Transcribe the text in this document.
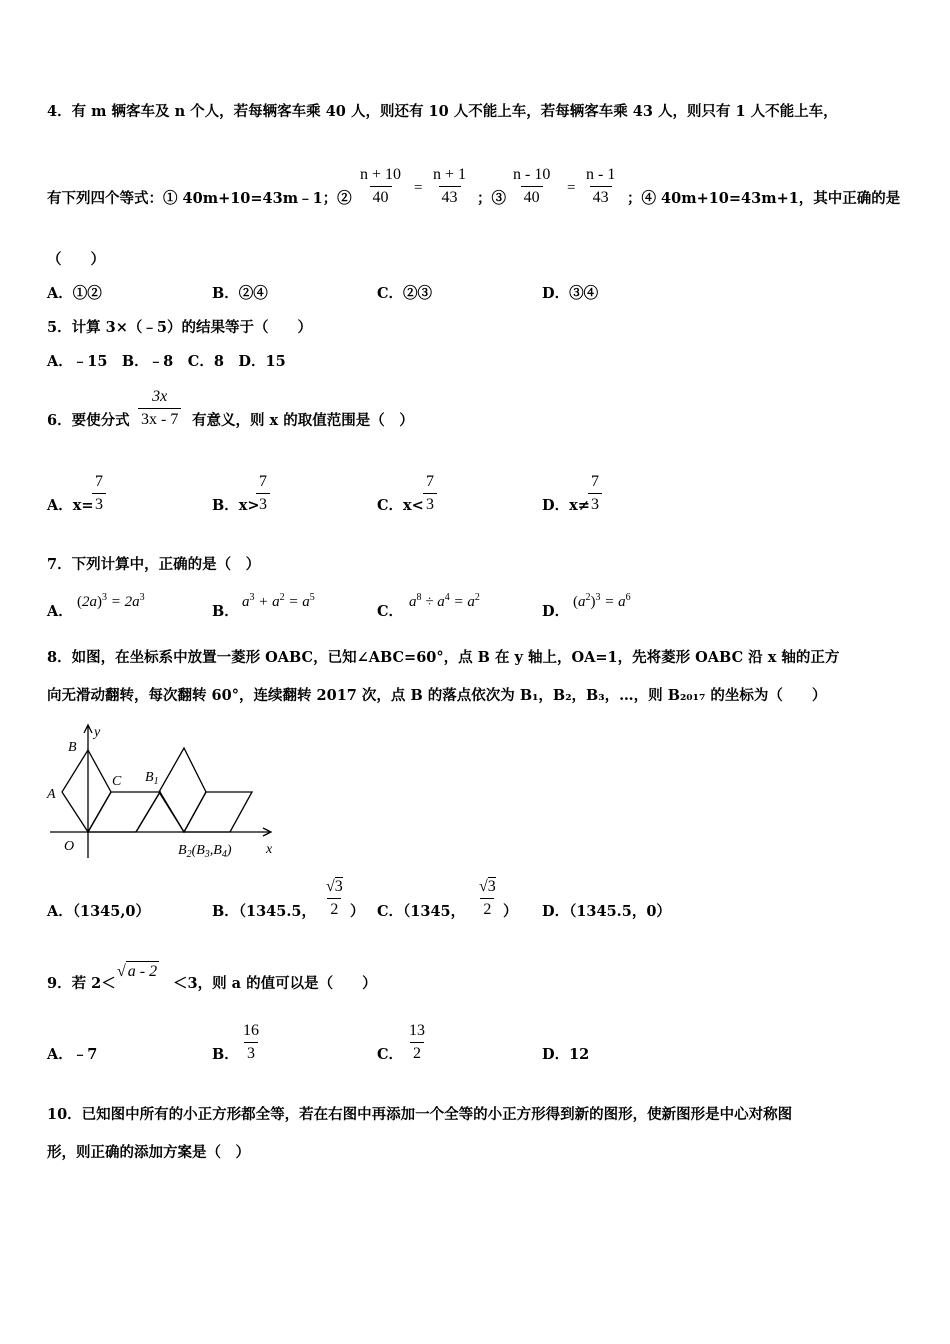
4．有 m 辆客车及 n 个人，若每辆客车乘 40 人，则还有 10 人不能上车，若每辆客车乘 43 人，则只有 1 人不能上车，
有下列四个等式：① 40m+10=43m﹣1；② $\frac{n + 10}{40} = \frac{n + 1}{43}$ ；③ $\frac{n - 10}{40} = \frac{n - 1}{43}$ ；④ 40m+10=43m+1，其中正确的是
（　　）
A．①②	B．②④	C．②③	D．③④
5．计算 3×（﹣5）的结果等于（　　）
A．﹣15　B．﹣8　C．8　D．15
6．要使分式 $\frac{3x}{3x - 7}$ 有意义，则 x 的取值范围是（　）
A．x=
$\frac{7}{3}$	B．x>
$\frac{7}{3}$	C．$x< \frac{7}{3}$	D．x≠
$\frac{7}{3}$
7．下列计算中，正确的是（　）
A．
$(2a)^3 = 2a^3$
B．
$a^3 + a^2 = a^5$
C．
$a^8 \div a^4 = a^2$
D．
$(a^2)^3 = a^6$
8．如图，在坐标系中放置一菱形 OABC，已知∠ABC=60°，点 B 在 y 轴上，OA=1，先将菱形 OABC 沿 x 轴的正方
向无滑动翻转，每次翻转 60°，连续翻转 2017 次，点 B 的落点依次为 B₁，B₂，B₃，…，则 B₂₀₁₇ 的坐标为（　　）
y
x
B
A
C
O
$B_1$
$B_2(B_3,B_4)$
A．（1345,0）	B．（1345.5， $\frac{√3}{2}$ ） C．（1345， $\frac{√3}{2}$ ） D．（1345.5，0）
9．若 2＜
√ a - 2
＜3，则 a 的值可以是（　　）
A．﹣7	B． $\frac{16}{3}$	C． $\frac{13}{2}$	D．12
10．已知图中所有的小正方形都全等，若在右图中再添加一个全等的小正方形得到新的图形，使新图形是中心对称图
形，则正确的添加方案是（　）
